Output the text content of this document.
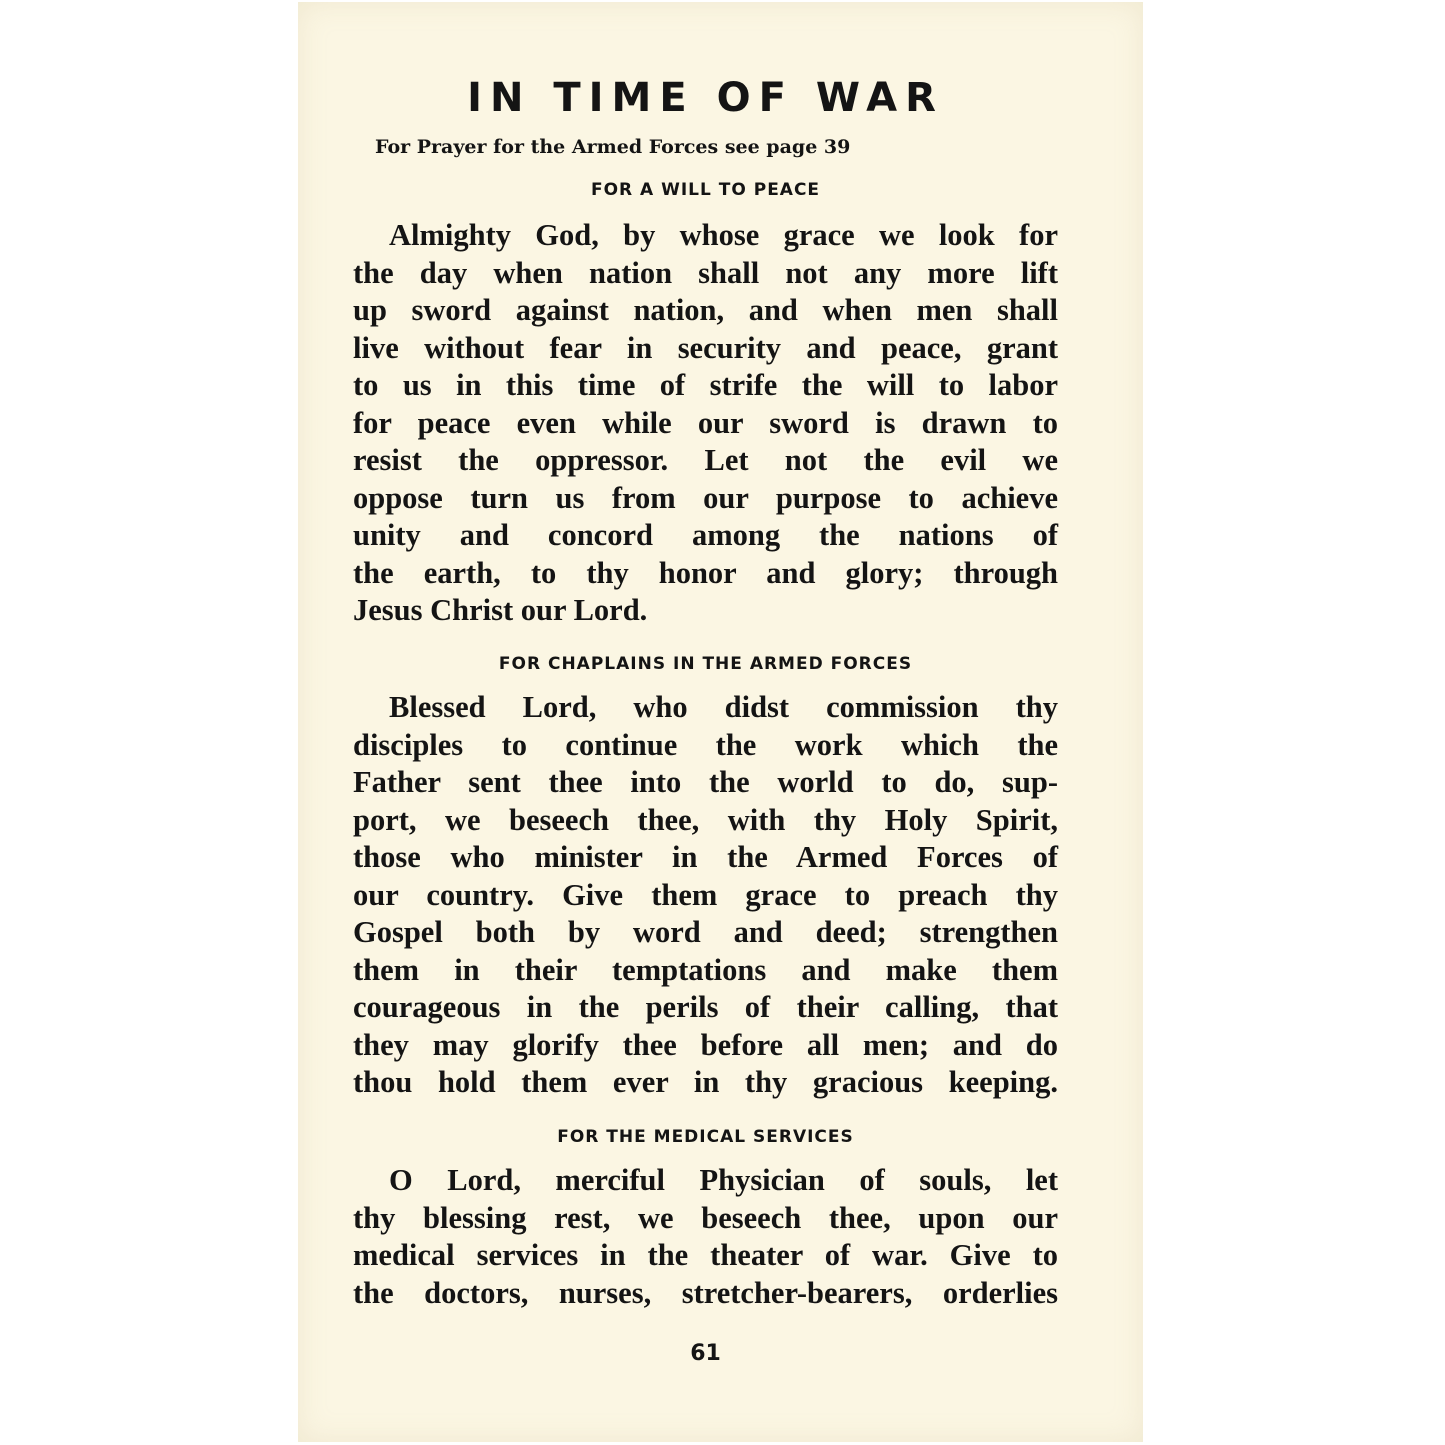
IN TIME OF WAR
For Prayer for the Armed Forces see page 39
FOR A WILL TO PEACE
Almighty God, by whose grace we look for
the day when nation shall not any more lift
up sword against nation, and when men shall
live without fear in security and peace, grant
to us in this time of strife the will to labor
for peace even while our sword is drawn to
resist the oppressor. Let not the evil we
oppose turn us from our purpose to achieve
unity and concord among the nations of
the earth, to thy honor and glory; through
Jesus Christ our Lord.
FOR CHAPLAINS IN THE ARMED FORCES
Blessed Lord, who didst commission thy
disciples to continue the work which the
Father sent thee into the world to do, sup-
port, we beseech thee, with thy Holy Spirit,
those who minister in the Armed Forces of
our country. Give them grace to preach thy
Gospel both by word and deed; strengthen
them in their temptations and make them
courageous in the perils of their calling, that
they may glorify thee before all men; and do
thou hold them ever in thy gracious keeping.
FOR THE MEDICAL SERVICES
O Lord, merciful Physician of souls, let
thy blessing rest, we beseech thee, upon our
medical services in the theater of war. Give to
the doctors, nurses, stretcher-bearers, orderlies
61
